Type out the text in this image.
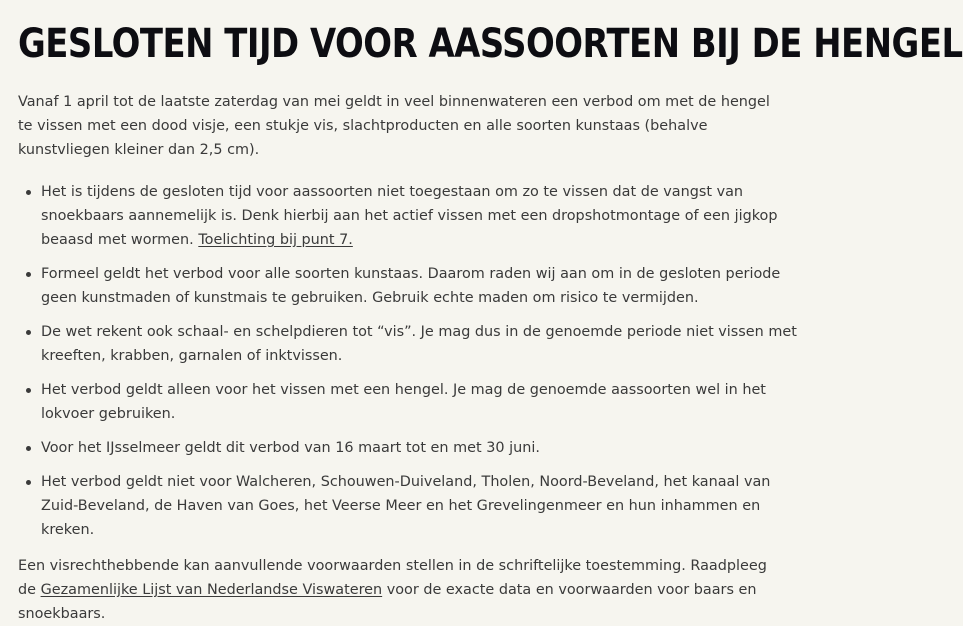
GESLOTEN TIJD VOOR AASSOORTEN BIJ DE HENGEL

Vanaf 1 april tot de laatste zaterdag van mei geldt in veel binnenwateren een verbod om met de hengel te vissen met een dood visje, een stukje vis, slachtproducten en alle soorten kunstaas (behalve kunstvliegen kleiner dan 2,5 cm).

Het is tijdens de gesloten tijd voor aassoorten niet toegestaan om zo te vissen dat de vangst van snoekbaars aannemelijk is. Denk hierbij aan het actief vissen met een dropshotmontage of een jigkop beaasd met wormen. Toelichting bij punt 7.
Formeel geldt het verbod voor alle soorten kunstaas. Daarom raden wij aan om in de gesloten periode geen kunstmaden of kunstmais te gebruiken. Gebruik echte maden om risico te vermijden.
De wet rekent ook schaal- en schelpdieren tot “vis”. Je mag dus in de genoemde periode niet vissen met kreeften, krabben, garnalen of inktvissen.
Het verbod geldt alleen voor het vissen met een hengel. Je mag de genoemde aassoorten wel in het lokvoer gebruiken.
Voor het IJsselmeer geldt dit verbod van 16 maart tot en met 30 juni.
Het verbod geldt niet voor Walcheren, Schouwen-Duiveland, Tholen, Noord-Beveland, het kanaal van Zuid-Beveland, de Haven van Goes, het Veerse Meer en het Grevelingenmeer en hun inhammen en kreken.

Een visrechthebbende kan aanvullende voorwaarden stellen in de schriftelijke toestemming. Raadpleeg de Gezamenlijke Lijst van Nederlandse Viswateren voor de exacte data en voorwaarden voor baars en snoekbaars.
